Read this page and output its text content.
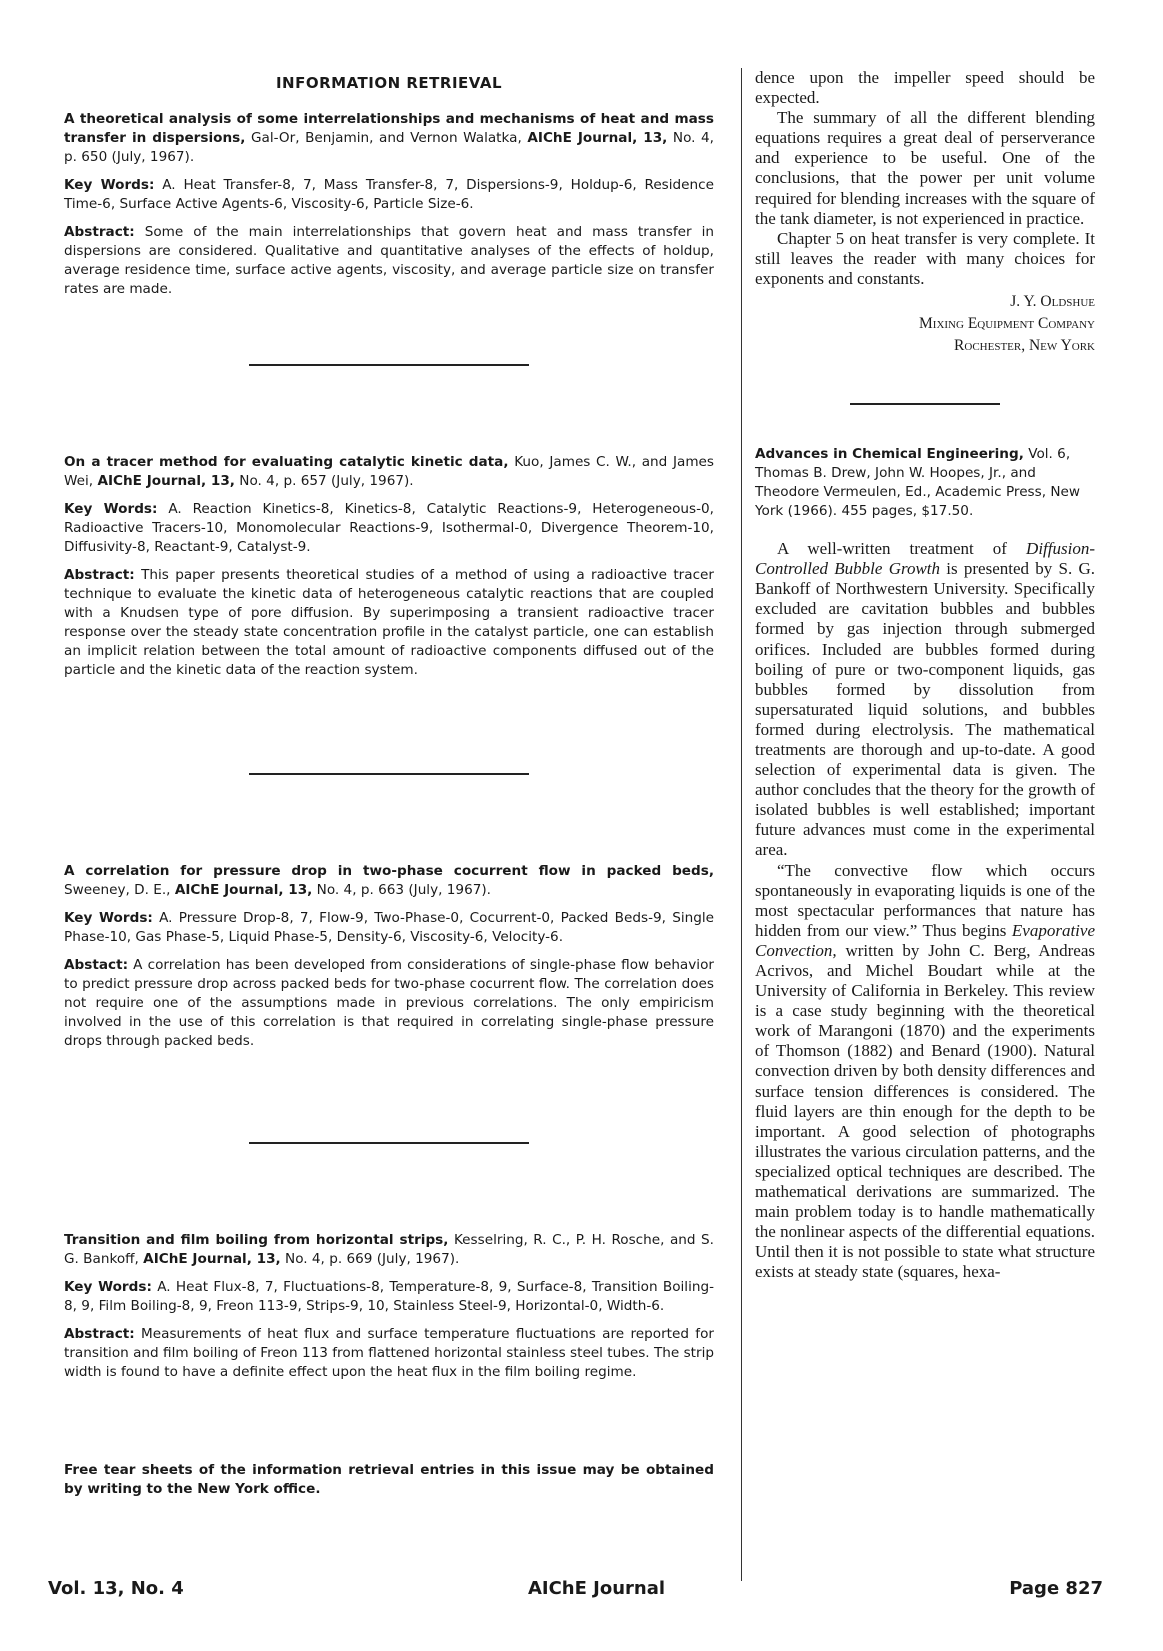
INFORMATION RETRIEVAL

A theoretical analysis of some interrelationships and mechanisms of heat and mass transfer in dispersions, Gal-Or, Benjamin, and Vernon Walatka, AIChE Journal, 13, No. 4, p. 650 (July, 1967).

Key Words: A. Heat Transfer-8, 7, Mass Transfer-8, 7, Dispersions-9, Holdup-6, Residence Time-6, Surface Active Agents-6, Viscosity-6, Particle Size-6.

Abstract: Some of the main interrelationships that govern heat and mass transfer in dispersions are considered. Qualitative and quantitative analyses of the effects of holdup, average residence time, surface active agents, viscosity, and average particle size on transfer rates are made.

On a tracer method for evaluating catalytic kinetic data, Kuo, James C. W., and James Wei, AIChE Journal, 13, No. 4, p. 657 (July, 1967).

Key Words: A. Reaction Kinetics-8, Kinetics-8, Catalytic Reactions-9, Heterogeneous-0, Radioactive Tracers-10, Monomolecular Reactions-9, Isothermal-0, Divergence Theorem-10, Diffusivity-8, Reactant-9, Catalyst-9.

Abstract: This paper presents theoretical studies of a method of using a radioactive tracer technique to evaluate the kinetic data of heterogeneous catalytic reactions that are coupled with a Knudsen type of pore diffusion. By superimposing a transient radioactive tracer response over the steady state concentration profile in the catalyst particle, one can establish an implicit relation between the total amount of radioactive components diffused out of the particle and the kinetic data of the reaction system.

A correlation for pressure drop in two-phase cocurrent flow in packed beds, Sweeney, D. E., AIChE Journal, 13, No. 4, p. 663 (July, 1967).

Key Words: A. Pressure Drop-8, 7, Flow-9, Two-Phase-0, Cocurrent-0, Packed Beds-9, Single Phase-10, Gas Phase-5, Liquid Phase-5, Density-6, Viscosity-6, Velocity-6.

Abstact: A correlation has been developed from considerations of single-phase flow behavior to predict pressure drop across packed beds for two-phase cocurrent flow. The correlation does not require one of the assumptions made in previous correlations. The only empiricism involved in the use of this correlation is that required in correlating single-phase pressure drops through packed beds.

Transition and film boiling from horizontal strips, Kesselring, R. C., P. H. Rosche, and S. G. Bankoff, AIChE Journal, 13, No. 4, p. 669 (July, 1967).

Key Words: A. Heat Flux-8, 7, Fluctuations-8, Temperature-8, 9, Surface-8, Transition Boiling-8, 9, Film Boiling-8, 9, Freon 113-9, Strips-9, 10, Stainless Steel-9, Horizontal-0, Width-6.

Abstract: Measurements of heat flux and surface temperature fluctuations are reported for transition and film boiling of Freon 113 from flattened horizontal stainless steel tubes. The strip width is found to have a definite effect upon the heat flux in the film boiling regime.

Free tear sheets of the information retrieval entries in this issue may be obtained by writing to the New York office.

dence upon the impeller speed should be expected.

The summary of all the different blending equations requires a great deal of perserverance and experience to be useful. One of the conclusions, that the power per unit volume required for blending increases with the square of the tank diameter, is not experienced in practice.

Chapter 5 on heat transfer is very complete. It still leaves the reader with many choices for exponents and constants.

J. Y. Oldshue
Mixing Equipment Company
Rochester, New York
Advances in Chemical Engineering, Vol. 6, Thomas B. Drew, John W. Hoopes, Jr., and Theodore Vermeulen, Ed., Academic Press, New York (1966). 455 pages, $17.50.

A well-written treatment of Diffusion-Controlled Bubble Growth is presented by S. G. Bankoff of Northwestern University. Specifically excluded are cavitation bubbles and bubbles formed by gas injection through submerged orifices. Included are bubbles formed during boiling of pure or two-component liquids, gas bubbles formed by dissolution from supersaturated liquid solutions, and bubbles formed during electrolysis. The mathematical treatments are thorough and up-to-date. A good selection of experimental data is given. The author concludes that the theory for the growth of isolated bubbles is well established; important future advances must come in the experimental area.

“The convective flow which occurs spontaneously in evaporating liquids is one of the most spectacular performances that nature has hidden from our view.” Thus begins Evaporative Convection, written by John C. Berg, Andreas Acrivos, and Michel Boudart while at the University of California in Berkeley. This review is a case study beginning with the theoretical work of Marangoni (1870) and the experiments of Thomson (1882) and Benard (1900). Natural convection driven by both density differences and surface tension differences is considered. The fluid layers are thin enough for the depth to be important. A good selection of photographs illustrates the various circulation patterns, and the specialized optical techniques are described. The mathematical derivations are summarized. The main problem today is to handle mathematically the nonlinear aspects of the differential equations. Until then it is not possible to state what structure exists at steady state (squares, hexa-

Vol. 13, No. 4	AIChE Journal	Page 827
